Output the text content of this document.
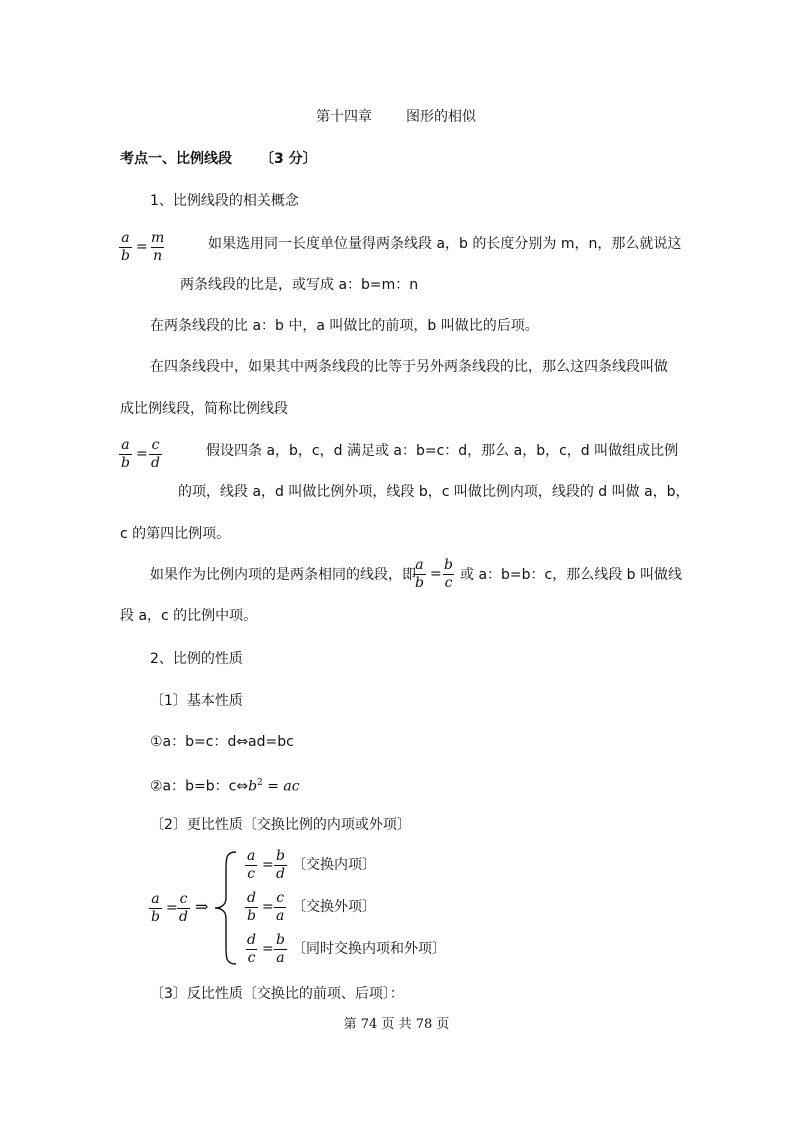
第十四章 图形的相似
考点一、比例线段 〔3 分〕
1、比例线段的相关概念
$\frac{a}{b} = \frac{m}{n}$	如果选用同一长度单位量得两条线段 a，b 的长度分别为 m，n，那么就说这
两条线段的比是，或写成 a：b=m：n
在两条线段的比 a：b 中，a 叫做比的前项，b 叫做比的后项。
在四条线段中，如果其中两条线段的比等于另外两条线段的比，那么这四条线段叫做
成比例线段，简称比例线段
$\frac{a}{b} = \frac{c}{d}$	假设四条 a，b，c，d 满足或 a：b=c：d，那么 a，b，c，d 叫做组成比例
的项，线段 a，d 叫做比例外项，线段 b，c 叫做比例内项，线段的 d 叫做 a，b，
c 的第四比例项。
如果作为比例内项的是两条相同的线段，即
$\frac{a}{b} = \frac{b}{c}$ 或 a：b=b：c，那么线段 b 叫做线
段 a，c 的比例中项。
2、比例的性质
〔1〕基本性质
①a：b=c：d⇔ad=bc
②a：b=b：$c\Leftrightarrow b^2$ = ac
〔2〕更比性质〔交换比例的内项或外项〕
$\frac{a}{b} = \frac{c}{d}$ ⇒
$\frac{a}{c} = \frac{b}{d}$ 〔交换内项〕
$\frac{d}{b} = \frac{c}{a}$ 〔交换外项〕
$\frac{d}{c} = \frac{b}{a}$ 〔同时交换内项和外项〕
〔3〕反比性质〔交换比的前项、后项〕：
第 74 页 共 78 页
